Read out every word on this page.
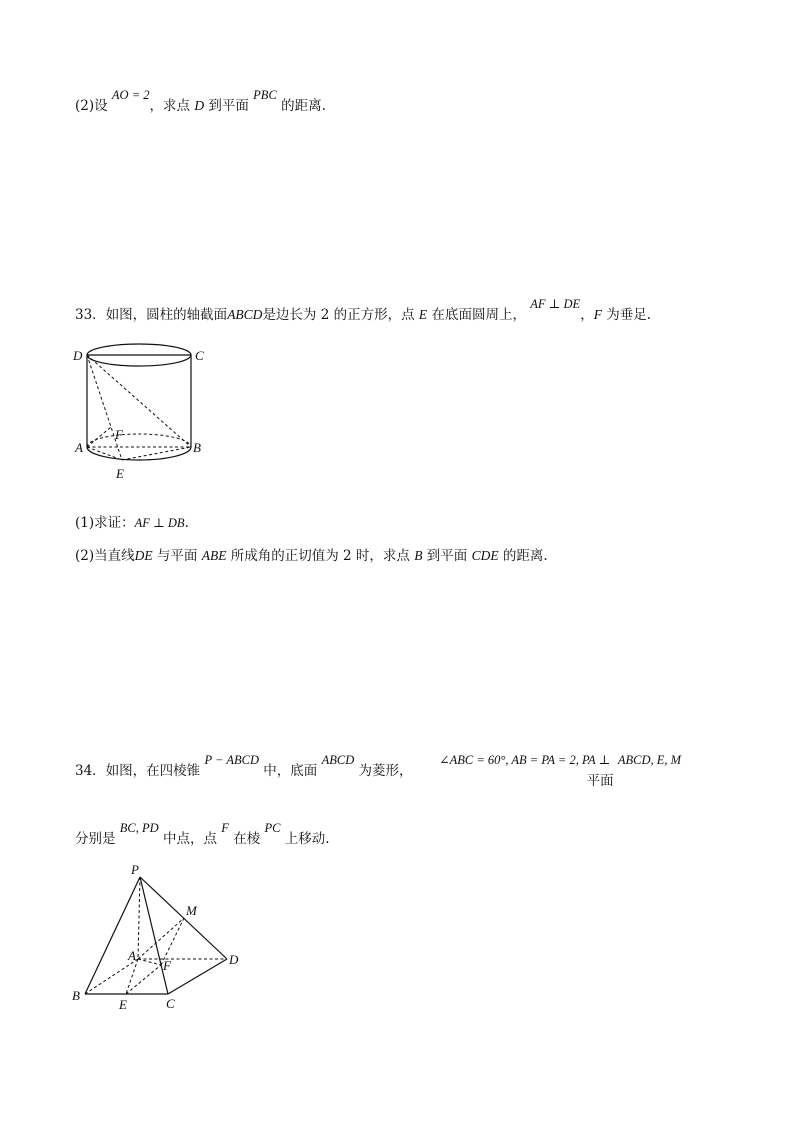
(2)设 AO = 2，求点 D 到平面 PBC 的距离.
33．如图，圆柱的轴截面ABCD是边长为 2 的正方形，点 E 在底面圆周上， AF ⊥ DE，F 为垂足.
D	C
A	B
F
E
(1)求证：AF ⊥ DB.
(2)当直线DE 与平面 ABE 所成角的正切值为 2 时，求点 B 到平面 CDE 的距离.
34．如图，在四棱锥 P − ABCD 中，底面 ABCD 为菱形，  ∠ABC = 60°, AB = PA = 2, PA ⊥ 平面 ABCD, E, M
分别是 BC, PD 中点，点 F 在棱 PC 上移动.
P
M
A
F	D
B
E	C
